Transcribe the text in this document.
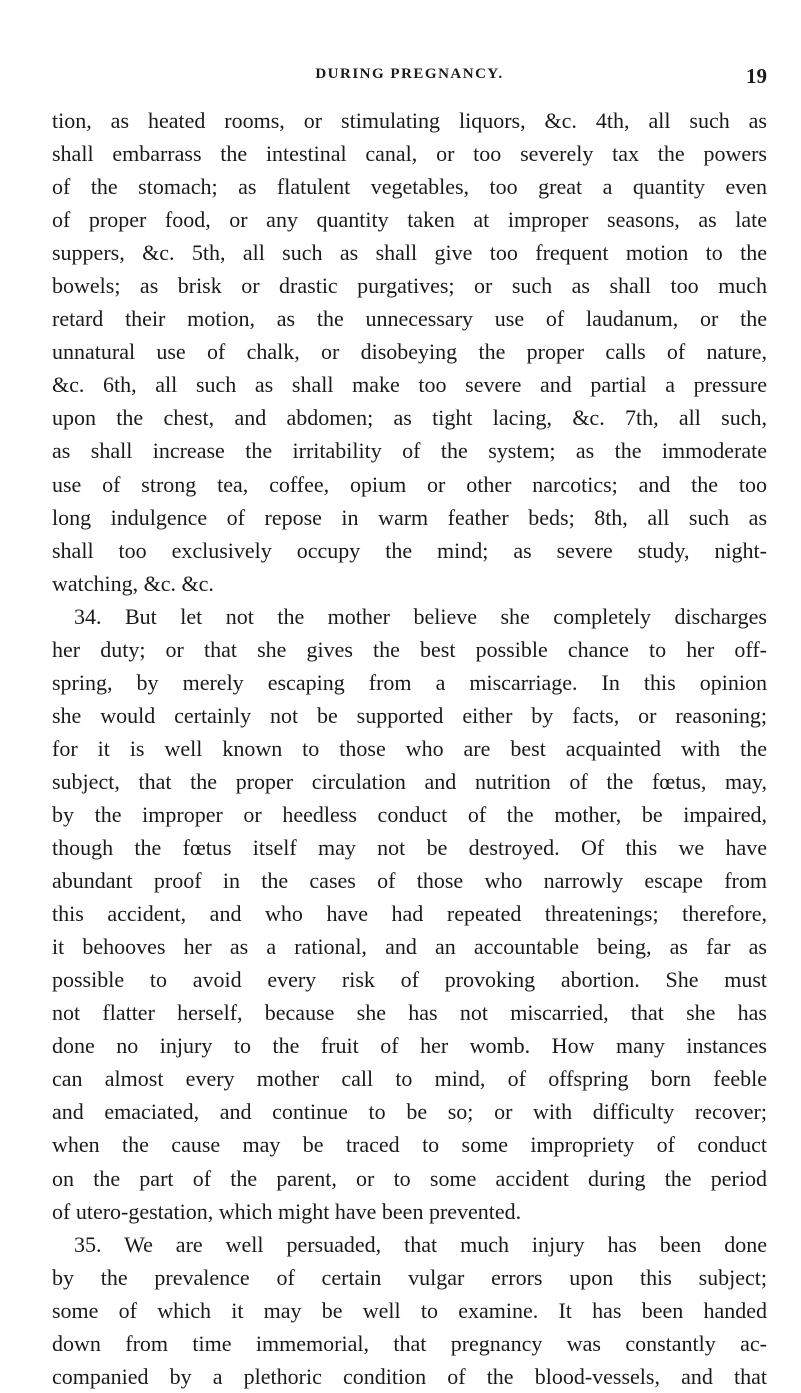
DURING PREGNANCY.	19
tion, as heated rooms, or stimulating liquors, &c. 4th, all such as
shall embarrass the intestinal canal, or too severely tax the powers
of the stomach; as flatulent vegetables, too great a quantity even
of proper food, or any quantity taken at improper seasons, as late
suppers, &c. 5th, all such as shall give too frequent motion to the
bowels; as brisk or drastic purgatives; or such as shall too much
retard their motion, as the unnecessary use of laudanum, or the
unnatural use of chalk, or disobeying the proper calls of nature,
&c. 6th, all such as shall make too severe and partial a pressure
upon the chest, and abdomen; as tight lacing, &c. 7th, all such,
as shall increase the irritability of the system; as the immoderate
use of strong tea, coffee, opium or other narcotics; and the too
long indulgence of repose in warm feather beds; 8th, all such as
shall too exclusively occupy the mind; as severe study, night-
watching, &c. &c.
34. But let not the mother believe she completely discharges
her duty; or that she gives the best possible chance to her off-
spring, by merely escaping from a miscarriage. In this opinion
she would certainly not be supported either by facts, or reasoning;
for it is well known to those who are best acquainted with the
subject, that the proper circulation and nutrition of the fœtus, may,
by the improper or heedless conduct of the mother, be impaired,
though the fœtus itself may not be destroyed. Of this we have
abundant proof in the cases of those who narrowly escape from
this accident, and who have had repeated threatenings; therefore,
it behooves her as a rational, and an accountable being, as far as
possible to avoid every risk of provoking abortion. She must
not flatter herself, because she has not miscarried, that she has
done no injury to the fruit of her womb. How many instances
can almost every mother call to mind, of offspring born feeble
and emaciated, and continue to be so; or with difficulty recover;
when the cause may be traced to some impropriety of conduct
on the part of the parent, or to some accident during the period
of utero-gestation, which might have been prevented.
35. We are well persuaded, that much injury has been done
by the prevalence of certain vulgar errors upon this subject;
some of which it may be well to examine. It has been handed
down from time immemorial, that pregnancy was constantly ac-
companied by a plethoric condition of the blood-vessels, and that
